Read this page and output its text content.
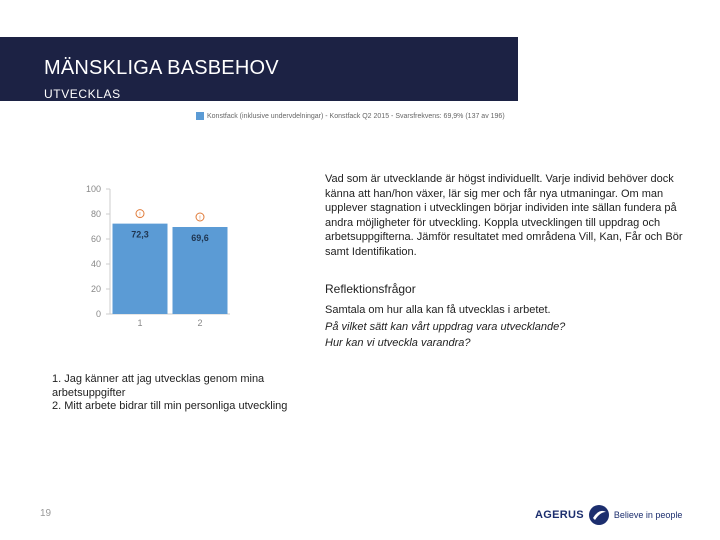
MÄNSKLIGA BASBEHOV
UTVECKLAS
Konstfack (inklusive undervdelningar) - Konstfack Q2 2015 - Svarsfrekvens: 69,9% (137 av 196)
0
20
40
60
80
100
72,3
!
1
69,6
!
2
Vad som är utvecklande är högst individuellt. Varje individ behöver dock känna att han/hon växer, lär sig mer och får nya utmaningar. Om man upplever stagnation i utvecklingen börjar individen inte sällan fundera på andra möjligheter för utveckling. Koppla utvecklingen till uppdrag och arbetsuppgifterna. Jämför resultatet med områdena Vill, Kan, Får och Bör samt Identifikation.
Reflektionsfrågor
Samtala om hur alla kan få utvecklas i arbetet.
På vilket sätt kan vårt uppdrag vara utvecklande?
Hur kan vi utveckla varandra?
1. Jag känner att jag utvecklas genom mina arbetsuppgifter
2. Mitt arbete bidrar till min personliga utveckling
19	AGERUS	Believe in people
